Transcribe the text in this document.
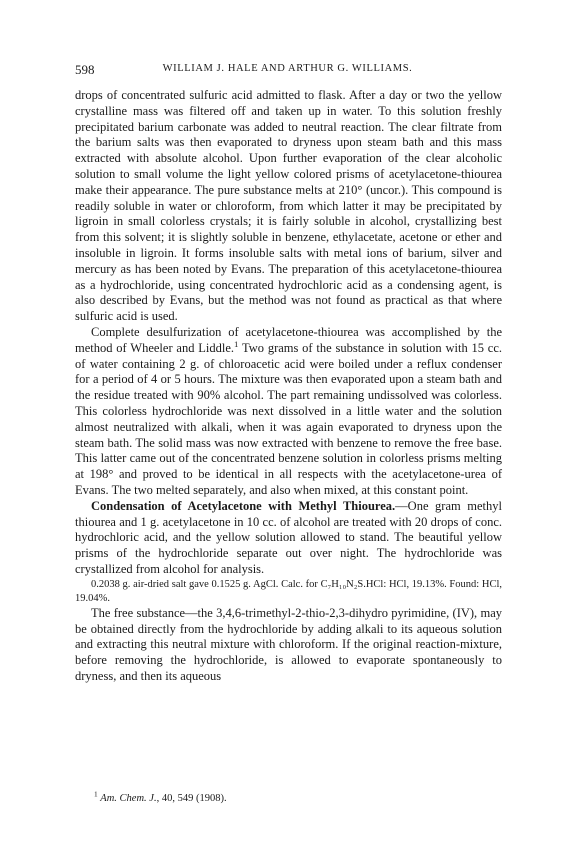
598	WILLIAM J. HALE AND ARTHUR G. WILLIAMS.

drops of concentrated sulfuric acid admitted to flask. After a day or two the yellow crystalline mass was filtered off and taken up in water. To this solution freshly precipitated barium carbonate was added to neutral reaction. The clear filtrate from the barium salts was then evaporated to dryness upon steam bath and this mass extracted with absolute alcohol. Upon further evaporation of the clear alcoholic solution to small volume the light yellow colored prisms of acetylacetone-thiourea make their appearance. The pure substance melts at 210° (uncor.). This compound is readily soluble in water or chloroform, from which latter it may be precipitated by ligroin in small colorless crystals; it is fairly soluble in alcohol, crystallizing best from this solvent; it is slightly soluble in benzene, ethylacetate, acetone or ether and insoluble in ligroin. It forms insoluble salts with metal ions of barium, silver and mercury as has been noted by Evans. The preparation of this acetylacetone-thiourea as a hydrochloride, using concentrated hydrochloric acid as a condensing agent, is also described by Evans, but the method was not found as practical as that where sulfuric acid is used.

Complete desulfurization of acetylacetone-thiourea was accomplished by the method of Wheeler and Liddle.$^1$ Two grams of the substance in solution with 15 cc. of water containing 2 g. of chloroacetic acid were boiled under a reflux condenser for a period of 4 or 5 hours. The mixture was then evaporated upon a steam bath and the residue treated with 90% alcohol. The part remaining undissolved was colorless. This colorless hydrochloride was next dissolved in a little water and the solution almost neutralized with alkali, when it was again evaporated to dryness upon the steam bath. The solid mass was now extracted with benzene to remove the free base. This latter came out of the concentrated benzene solution in colorless prisms melting at 198° and proved to be identical in all respects with the acetylacetone-urea of Evans. The two melted separately, and also when mixed, at this constant point.

Condensation of Acetylacetone with Methyl Thiourea.—One gram methyl thiourea and 1 g. acetylacetone in 10 cc. of alcohol are treated with 20 drops of conc. hydrochloric acid, and the yellow solution allowed to stand. The beautiful yellow prisms of the hydrochloride separate out over night. The hydrochloride was crystallized from alcohol for analysis.

0.2038 g. air-dried salt gave 0.1525 g. AgCl. Calc. for C₇H₁₀N₂S.HCl: HCl, 19.13%. Found: HCl, 19.04%.

The free substance—the 3,4,6-trimethyl-2-thio-2,3-dihydro pyrimidine, (IV), may be obtained directly from the hydrochloride by adding alkali to its aqueous solution and extracting this neutral mixture with chloroform. If the original reaction-mixture, before removing the hydrochloride, is allowed to evaporate spontaneously to dryness, and then its aqueous

$^1$ Am. Chem. J., 40, 549 (1908).
